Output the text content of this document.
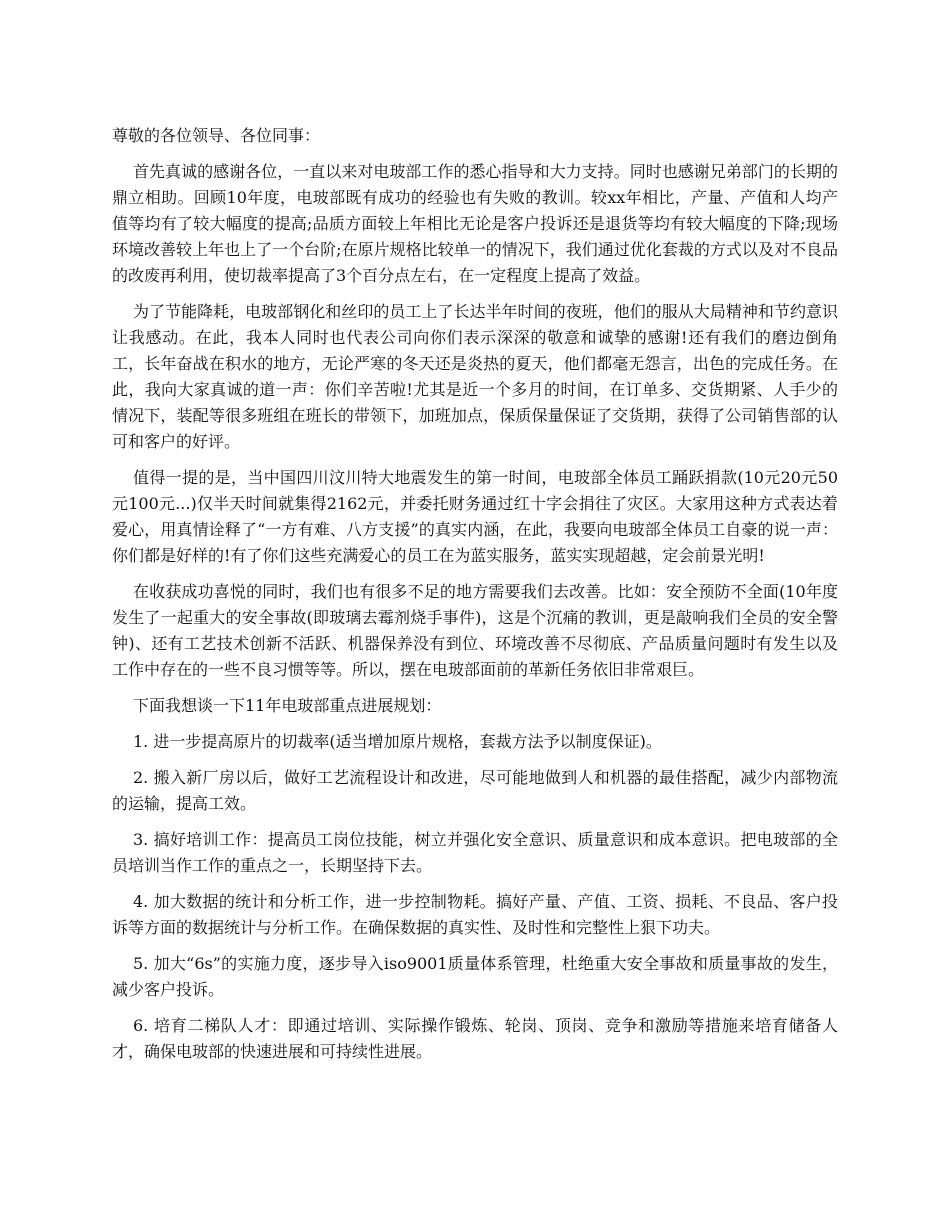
尊敬的各位领导、各位同事：

首先真诚的感谢各位，一直以来对电玻部工作的悉心指导和大力支持。同时也感谢兄弟部门的长期的鼎立相助。回顾10年度，电玻部既有成功的经验也有失败的教训。较xx年相比，产量、产值和人均产值等均有了较大幅度的提高;品质方面较上年相比无论是客户投诉还是退货等均有较大幅度的下降;现场环境改善较上年也上了一个台阶;在原片规格比较单一的情况下，我们通过优化套裁的方式以及对不良品的改废再利用，使切裁率提高了3个百分点左右，在一定程度上提高了效益。

为了节能降耗，电玻部钢化和丝印的员工上了长达半年时间的夜班，他们的服从大局精神和节约意识让我感动。在此，我本人同时也代表公司向你们表示深深的敬意和诚挚的感谢!还有我们的磨边倒角工，长年奋战在积水的地方，无论严寒的冬天还是炎热的夏天，他们都毫无怨言，出色的完成任务。在此，我向大家真诚的道一声：你们辛苦啦!尤其是近一个多月的时间，在订单多、交货期紧、人手少的情况下，装配等很多班组在班长的带领下，加班加点，保质保量保证了交货期，获得了公司销售部的认可和客户的好评。

值得一提的是，当中国四川汶川特大地震发生的第一时间，电玻部全体员工踊跃捐款(10元20元50元100元...)仅半天时间就集得2162元，并委托财务通过红十字会捐往了灾区。大家用这种方式表达着爱心，用真情诠释了“一方有难、八方支援”的真实内涵，在此，我要向电玻部全体员工自豪的说一声：你们都是好样的!有了你们这些充满爱心的员工在为蓝实服务，蓝实实现超越，定会前景光明!

在收获成功喜悦的同时，我们也有很多不足的地方需要我们去改善。比如：安全预防不全面(10年度发生了一起重大的安全事故(即玻璃去霉剂烧手事件)，这是个沉痛的教训，更是敲响我们全员的安全警钟)、还有工艺技术创新不活跃、机器保养没有到位、环境改善不尽彻底、产品质量问题时有发生以及工作中存在的一些不良习惯等等。所以，摆在电玻部面前的革新任务依旧非常艰巨。

下面我想谈一下11年电玻部重点进展规划：

1. 进一步提高原片的切裁率(适当增加原片规格，套裁方法予以制度保证)。

2. 搬入新厂房以后，做好工艺流程设计和改进，尽可能地做到人和机器的最佳搭配，减少内部物流的运输，提高工效。

3. 搞好培训工作：提高员工岗位技能，树立并强化安全意识、质量意识和成本意识。把电玻部的全员培训当作工作的重点之一，长期坚持下去。

4. 加大数据的统计和分析工作，进一步控制物耗。搞好产量、产值、工资、损耗、不良品、客户投诉等方面的数据统计与分析工作。在确保数据的真实性、及时性和完整性上狠下功夫。

5. 加大“6s”的实施力度，逐步导入iso9001质量体系管理，杜绝重大安全事故和质量事故的发生，减少客户投诉。

6. 培育二梯队人才：即通过培训、实际操作锻炼、轮岗、顶岗、竞争和激励等措施来培育储备人才，确保电玻部的快速进展和可持续性进展。
